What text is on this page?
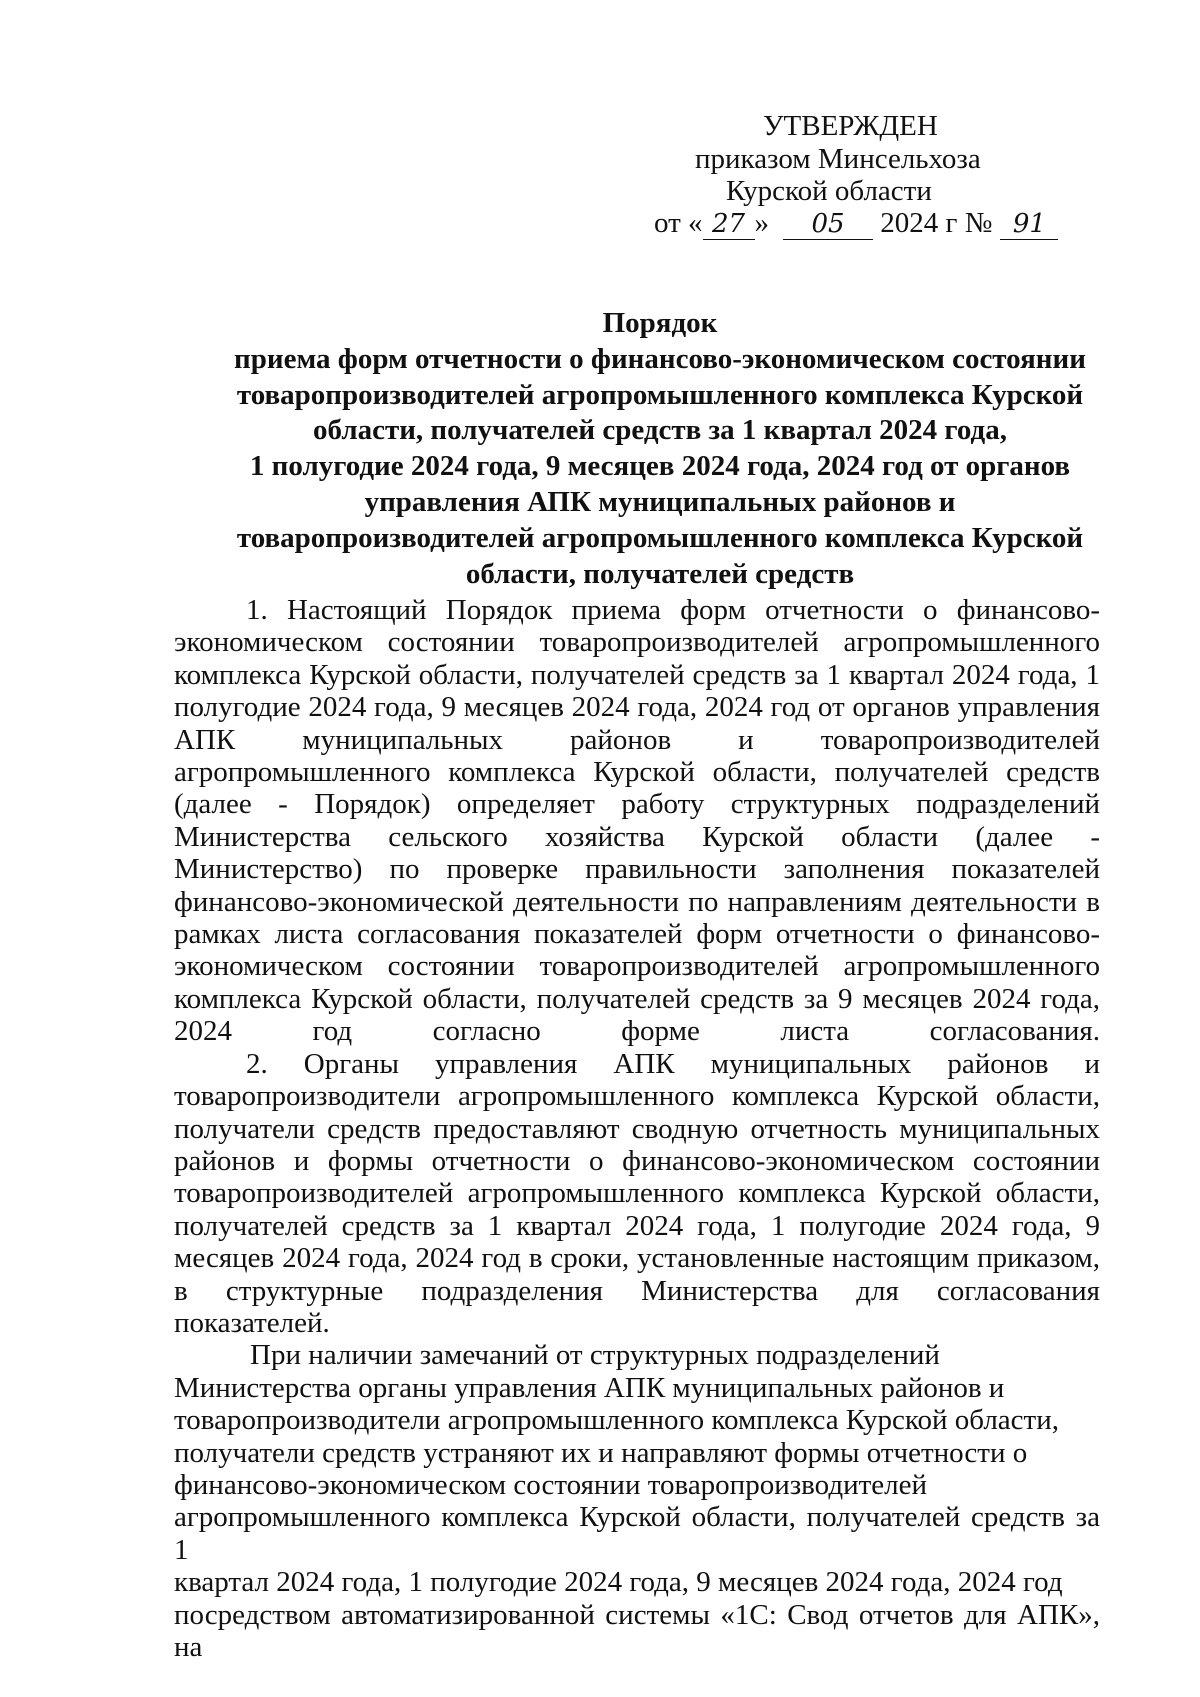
УТВЕРЖДЕН
приказом Минсельхоза
Курской области
от « 27 » 05 2024 г № 91
Порядок
приема форм отчетности о финансово-экономическом состоянии
товаропроизводителей агропромышленного комплекса Курской
области, получателей средств за 1 квартал 2024 года,
1 полугодие 2024 года, 9 месяцев 2024 года, 2024 год от органов
управления АПК муниципальных районов и
товаропроизводителей агропромышленного комплекса Курской
области, получателей средств

1. Настоящий Порядок приема форм отчетности о финансово-
экономическом состоянии товаропроизводителей агропромышленного
комплекса Курской области, получателей средств за 1 квартал 2024 года, 1
полугодие 2024 года, 9 месяцев 2024 года, 2024 год от органов управления
АПК муниципальных районов и товаропроизводителей
агропромышленного комплекса Курской области, получателей средств
(далее - Порядок) определяет работу структурных подразделений
Министерства сельского хозяйства Курской области (далее -
Министерство) по проверке правильности заполнения показателей
финансово-экономической деятельности по направлениям деятельности в
рамках листа согласования показателей форм отчетности о финансово-
экономическом состоянии товаропроизводителей агропромышленного
комплекса Курской области, получателей средств за 9 месяцев 2024 года,
2024 год согласно форме листа согласования.

2. Органы управления АПК муниципальных районов и
товаропроизводители агропромышленного комплекса Курской области,
получатели средств предоставляют сводную отчетность муниципальных
районов и формы отчетности о финансово-экономическом состоянии
товаропроизводителей агропромышленного комплекса Курской области,
получателей средств за 1 квартал 2024 года, 1 полугодие 2024 года, 9
месяцев 2024 года, 2024 год в сроки, установленные настоящим приказом,
в структурные подразделения Министерства для согласования показателей.

При наличии замечаний от структурных подразделений
Министерства органы управления АПК муниципальных районов и
товаропроизводители агропромышленного комплекса Курской области,
получатели средств устраняют их и направляют формы отчетности о
финансово-экономическом состоянии товаропроизводителей
агропромышленного комплекса Курской области, получателей средств за 1
квартал 2024 года, 1 полугодие 2024 года, 9 месяцев 2024 года, 2024 год
посредством автоматизированной системы «1С: Свод отчетов для АПК», на
